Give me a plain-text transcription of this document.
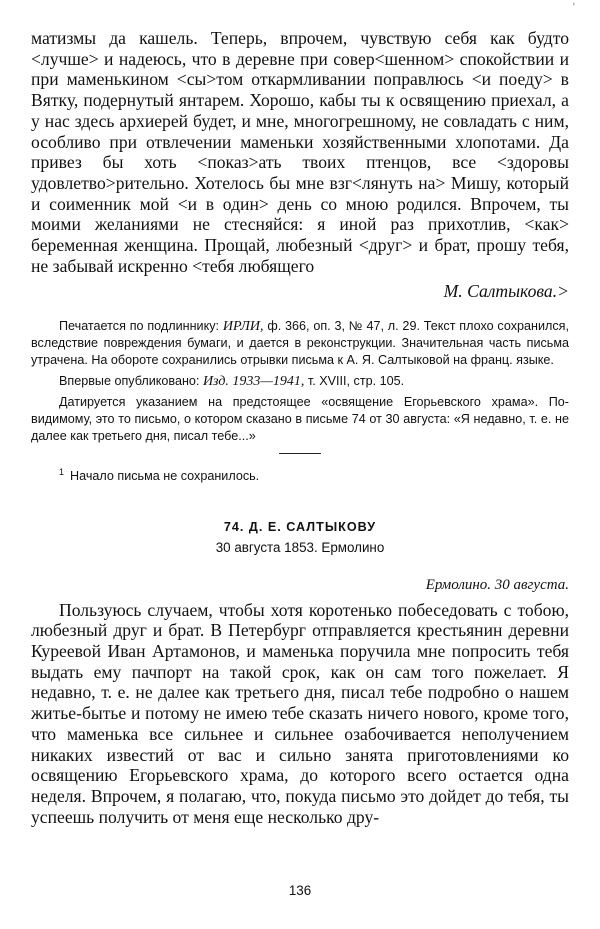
'

матизмы да кашель. Теперь, впрочем, чувствую себя как будто <лучше> и надеюсь, что в деревне при совер<шенном> спокойствии и при маменькином <сы>том откармливании поправлюсь <и поеду> в Вятку, подернутый янтарем. Хорошо, кабы ты к освящению приехал, а у нас здесь архиерей будет, и мне, многогрешному, не совладать с ним, особливо при отвлечении маменьки хозяйственными хлопотами. Да привез бы хоть <показ>ать твоих птенцов, все <здоровы удовлетво>рительно. Хотелось бы мне взг<лянуть на> Мишу, который и соименник мой <и в один> день со мною родился. Впрочем, ты моими желаниями не стесняйся: я иной раз прихотлив, <как> беременная женщина. Прощай, любезный <друг> и брат, прошу тебя, не забывай искренно <тебя любящего

М. Салтыкова.>

Печатается по подлиннику: ИРЛИ, ф. 366, оп. 3, № 47, л. 29. Текст плохо сохранился, вследствие повреждения бумаги, и дается в реконструкции. Значительная часть письма утрачена. На обороте сохранились отрывки письма к А. Я. Салтыковой на франц. языке.

Впервые опубликовано: Изд. 1933—1941, т. XVIII, стр. 105.

Датируется указанием на предстоящее «освящение Егорьевского храма». По-видимому, это то письмо, о котором сказано в письме 74 от 30 августа: «Я недавно, т. е. не далее как третьего дня, писал тебе...»

$^1$ Начало письма не сохранилось.

74. Д. Е. САЛТЫКОВУ
30 августа 1853. Ермолино
Ермолино. 30 августа.

Пользуюсь случаем, чтобы хотя коротенько побеседовать с тобою, любезный друг и брат. В Петербург отправляется крестьянин деревни Куреевой Иван Артамонов, и маменька поручила мне попросить тебя выдать ему пачпорт на такой срок, как он сам того пожелает. Я недавно, т. е. не далее как третьего дня, писал тебе подробно о нашем житье-бытье и потому не имею тебе сказать ничего нового, кроме того, что маменька все сильнее и сильнее озабочивается неполучением никаких известий от вас и сильно занята приготовлениями ко освящению Егорьевского храма, до которого всего остается одна неделя. Впрочем, я полагаю, что, покуда письмо это дойдет до тебя, ты успеешь получить от меня еще несколько дру-

136
